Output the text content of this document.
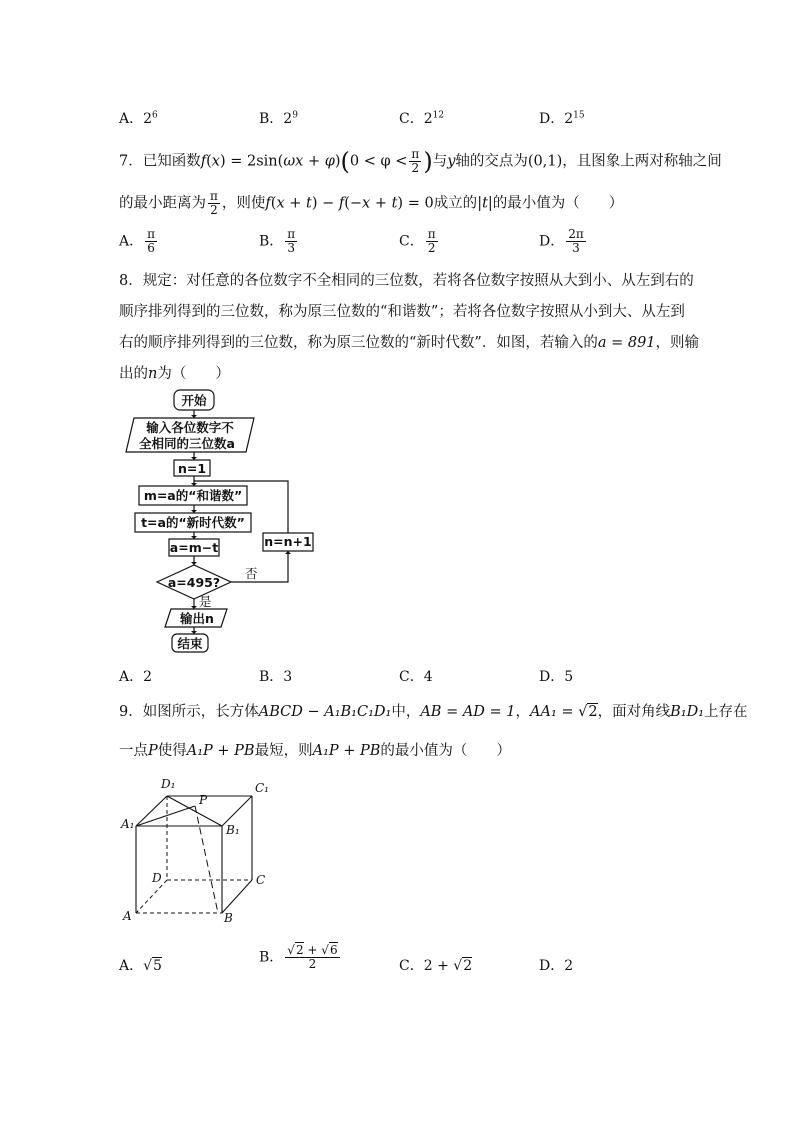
A．$2^6$	B．$2^9$	C．$2^{12}$	D．$2^{15}$
7．已知函数$f(x) = 2\sin(\omega x + \varphi)(0 < \varphi < \frac{\pi}{2}$ )与y轴的交点为(0,1)，且图象上两对称轴之间
的最小距离为 $\frac{\pi}{2}$ ，则使f(x + t) − f(−x + t) = 0成立的|t|的最小值为（　　）
A． $\frac{\pi}{6}$	B． $\frac{\pi}{3}$	C． $\frac{\pi}{2}$	D． $\frac{2\pi}{3}$
8．规定：对任意的各位数字不全相同的三位数，若将各位数字按照从大到小、从左到右的
顺序排列得到的三位数，称为原三位数的“和谐数”；若将各位数字按照从小到大、从左到
右的顺序排列得到的三位数，称为原三位数的“新时代数”．如图，若输入的a = 891，则输
出的n为（　　）
开始
输入各位数字不
全相同的三位数a
n=1
m=a的“和谐数”
t=a的“新时代数”
a=m−t
a=495?
n=n+1
输出n
结束
否
是
A．2	B．3	C．4	D．5
9．如图所示，长方体ABCD − A₁B₁C₁D₁中，AB = AD = 1，AA₁ = √2，面对角线B₁D₁上存在
一点P使得A₁P + PB最短，则A₁P + PB的最小值为（　　）
D₁	C₁
A₁	B₁
P
D	C
A	B
A．√5
B． $\frac{√2 + √6}{2}$	C．2 + √2	D．2
